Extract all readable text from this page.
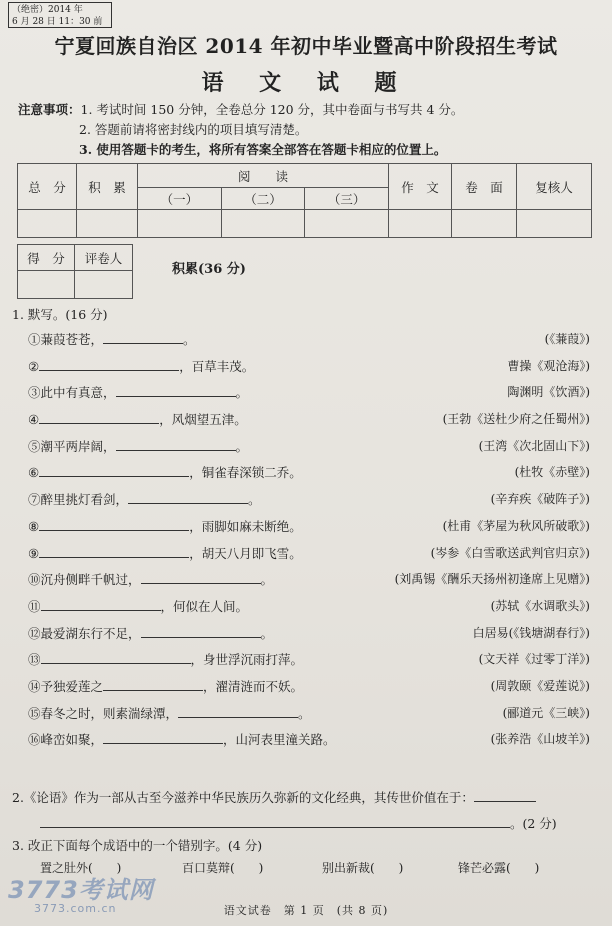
（绝密）2014 年
6 月 28 日 11：30 前
宁夏回族自治区 2014 年初中毕业暨高中阶段招生考试
语 文 试 题
注意事项：1. 考试时间 150 分钟，全卷总分 120 分，其中卷面与书写共 4 分。
2. 答题前请将密封线内的项目填写清楚。
3. 使用答题卡的考生，将所有答案全部答在答题卡相应的位置上。
总　分	积　累	阅　　读			作　文	卷　面	复核人
		（一）	（二）	（三）			

得　分	评卷人

积累(36 分)
1. 默写。(16 分)
①蒹葭苍苍，	。	(《蒹葭》)
②	，百草丰茂。	曹操《观沧海》)
③此中有真意，	。	陶渊明《饮酒》)
④	，风烟望五津。	(王勃《送杜少府之任蜀州》)
⑤潮平两岸阔，	。	(王湾《次北固山下》)
⑥	，铜雀春深锁二乔。	(杜牧《赤壁》)
⑦醉里挑灯看剑，	。	(辛弃疾《破阵子》)
⑧	，雨脚如麻未断绝。	(杜甫《茅屋为秋风所破歌》)
⑨	，胡天八月即飞雪。	(岑参《白雪歌送武判官归京》)
⑩沉舟侧畔千帆过，	。	(刘禹锡《酬乐天扬州初逢席上见赠》)
⑪	，何似在人间。	(苏轼《水调歌头》)
⑫最爱湖东行不足，	。	白居易(《钱塘湖春行》)
⑬	，身世浮沉雨打萍。	(文天祥《过零丁洋》)
⑭予独爱莲之	，濯清涟而不妖。	(周敦颐《爱莲说》)
⑮春冬之时，则素湍绿潭，	。	(郦道元《三峡》)
⑯峰峦如聚，	，山河表里潼关路。	(张养浩《山坡羊》)
2.《论语》作为一部从古至今滋养中华民族历久弥新的文化经典，其传世价值在于：
。(2 分)
3. 改正下面每个成语中的一个错别字。(4 分)
置之肚外(　　)	百口莫辩(　　)	别出新裁(　　)	锋芒必露(　　)
3773考试网
3773.com.cn	语文试卷　第 1 页　(共 8 页)
